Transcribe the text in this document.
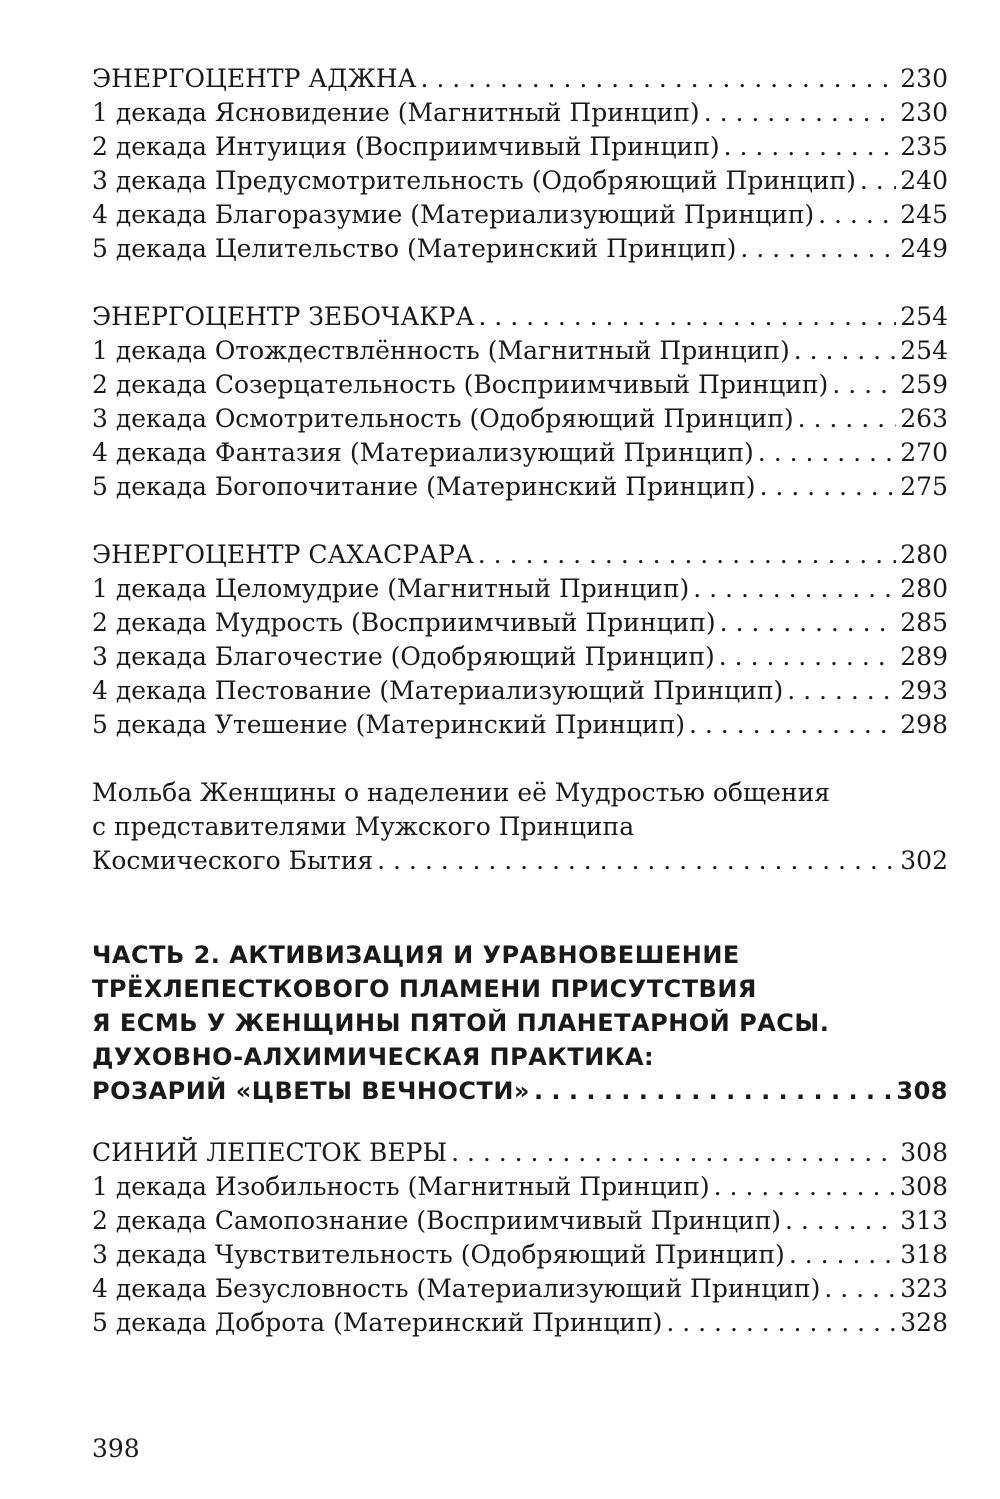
ЭНЕРГОЦЕНТР АДЖНА . . .	230
1 декада Ясновидение (Магнитный Принцип) . . .	230
2 декада Интуиция (Восприимчивый Принцип) . . .	235
3 декада Предусмотрительность (Одобряющий Принцип) . . . 240
4 декада Благоразумие (Материализующий Принцип) . . .	245
5 декада Целительство (Материнский Принцип) . . .	249
ЭНЕРГОЦЕНТР ЗЕБОЧАКРА . . .	254
1 декада Отождествлённость (Магнитный Принцип) . . .	254
2 декада Созерцательность (Восприимчивый Принцип) . . .	259
3 декада Осмотрительность (Одобряющий Принцип) . . .	263
4 декада Фантазия (Материализующий Принцип) . . .	270
5 декада Богопочитание (Материнский Принцип) . . .	275
ЭНЕРГОЦЕНТР САХАСРАРА . . .	280
1 декада Целомудрие (Магнитный Принцип) . . .	280
2 декада Мудрость (Восприимчивый Принцип) . . .	285
3 декада Благочестие (Одобряющий Принцип) . . .	289
4 декада Пестование (Материализующий Принцип) . . .	293
5 декада Утешение (Материнский Принцип) . . .	298
Мольба Женщины о наделении её Мудростью общения
с представителями Мужского Принципа
Космического Бытия . . .	302
ЧАСТЬ 2. АКТИВИЗАЦИЯ И УРАВНОВЕШЕНИЕ
ТРЁХЛЕПЕСТКОВОГО ПЛАМЕНИ ПРИСУТСТВИЯ
Я ЕСМЬ У ЖЕНЩИНЫ ПЯТОЙ ПЛАНЕТАРНОЙ РАСЫ.
ДУХОВНО-АЛХИМИЧЕСКАЯ ПРАКТИКА:
РОЗАРИЙ «ЦВЕТЫ ВЕЧНОСТИ» . . .	308
СИНИЙ ЛЕПЕСТОК ВЕРЫ . . .	308
1 декада Изобильность (Магнитный Принцип) . . .	308
2 декада Самопознание (Восприимчивый Принцип) . . .	313
3 декада Чувствительность (Одобряющий Принцип) . . .	318
4 декада Безусловность (Материализующий Принцип) . . .	323
5 декада Доброта (Материнский Принцип) . . .	328
398
